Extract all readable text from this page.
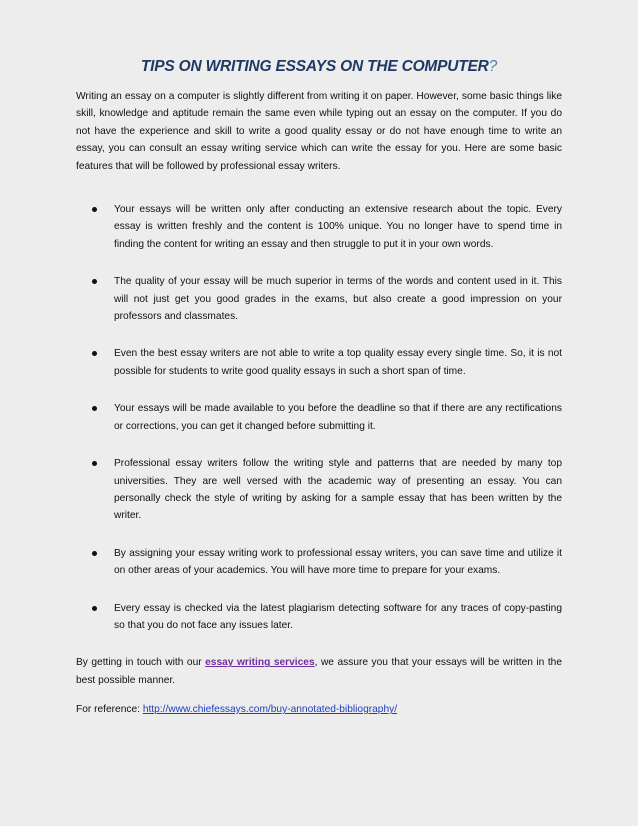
TIPS ON WRITING ESSAYS ON THE COMPUTER?

Writing an essay on a computer is slightly different from writing it on paper. However, some basic things like skill, knowledge and aptitude remain the same even while typing out an essay on the computer. If you do not have the experience and skill to write a good quality essay or do not have enough time to write an essay, you can consult an essay writing service which can write the essay for you. Here are some basic features that will be followed by professional essay writers.

Your essays will be written only after conducting an extensive research about the topic. Every essay is written freshly and the content is 100% unique. You no longer have to spend time in finding the content for writing an essay and then struggle to put it in your own words.
The quality of your essay will be much superior in terms of the words and content used in it. This will not just get you good grades in the exams, but also create a good impression on your professors and classmates.
Even the best essay writers are not able to write a top quality essay every single time. So, it is not possible for students to write good quality essays in such a short span of time.
Your essays will be made available to you before the deadline so that if there are any rectifications or corrections, you can get it changed before submitting it.
Professional essay writers follow the writing style and patterns that are needed by many top universities. They are well versed with the academic way of presenting an essay. You can personally check the style of writing by asking for a sample essay that has been written by the writer.
By assigning your essay writing work to professional essay writers, you can save time and utilize it on other areas of your academics. You will have more time to prepare for your exams.
Every essay is checked via the latest plagiarism detecting software for any traces of copy-pasting so that you do not face any issues later.

By getting in touch with our essay writing services, we assure you that your essays will be written in the best possible manner.

For reference: http://www.chiefessays.com/buy-annotated-bibliography/
